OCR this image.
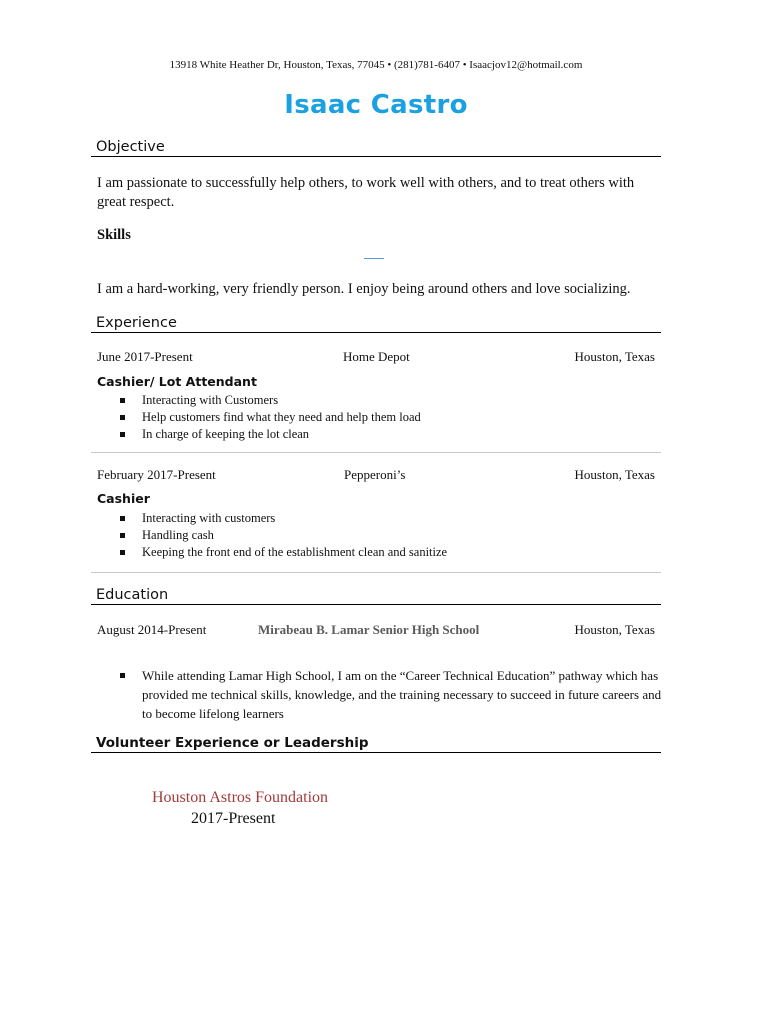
13918 White Heather Dr, Houston, Texas, 77045 • (281)781-6407 • Isaacjov12@hotmail.com
Isaac Castro
Objective
I am passionate to successfully help others, to work well with others, and to treat others with great respect.
Skills
I am a hard-working, very friendly person. I enjoy being around others and love socializing.
Experience
June 2017-Present	Home Depot	Houston, Texas
Cashier/ Lot Attendant
Interacting with Customers
Help customers find what they need and help them load
In charge of keeping the lot clean
February 2017-Present	Pepperoni’s	Houston, Texas
Cashier
Interacting with customers
Handling cash
Keeping the front end of the establishment clean and sanitize
Education
August 2014-Present	Mirabeau B. Lamar Senior High School	Houston, Texas
While attending Lamar High School, I am on the “Career Technical Education” pathway which has provided me technical skills, knowledge, and the training necessary to succeed in future careers and to become lifelong learners
Volunteer Experience or Leadership
Houston Astros Foundation
2017-Present
